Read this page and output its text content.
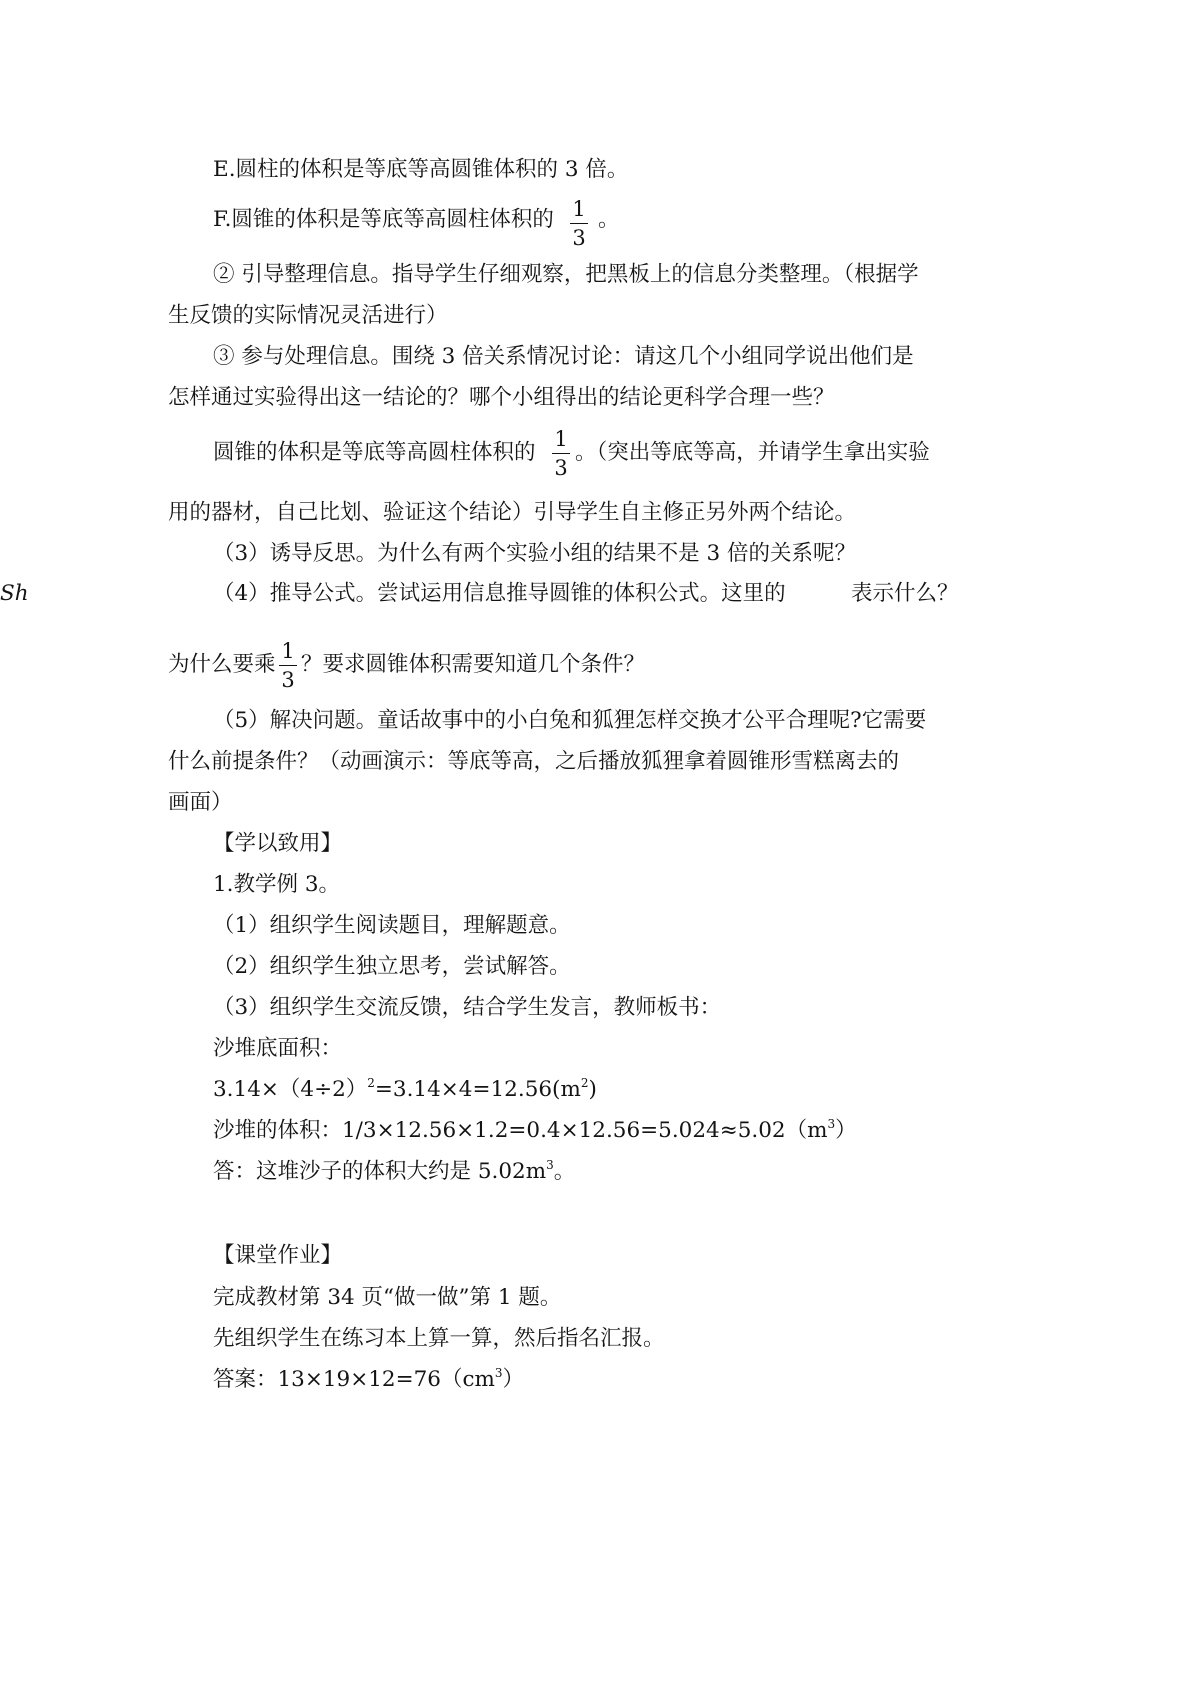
E.圆柱的体积是等底等高圆锥体积的 3 倍。
F.圆锥的体积是等底等高圆柱体积的 1
3
。
② 引导整理信息。指导学生仔细观察，把黑板上的信息分类整理。（根据学
生反馈的实际情况灵活进行）
③ 参与处理信息。围绕 3 倍关系情况讨论：请这几个小组同学说出他们是
怎样通过实验得出这一结论的？哪个小组得出的结论更科学合理一些？
圆锥的体积是等底等高圆柱体积的
1
3
。（突出等底等高，并请学生拿出实验
用的器材，自己比划、验证这个结论）引导学生自主修正另外两个结论。
（3）诱导反思。为什么有两个实验小组的结果不是 3 倍的关系呢？
（4）推导公式。尝试运用信息推导圆锥的体积公式。这里的
Sh	表示什么？
为什么要乘
1
3
？要求圆锥体积需要知道几个条件？
（5）解决问题。童话故事中的小白兔和狐狸怎样交换才公平合理呢?它需要
什么前提条件？（动画演示：等底等高，之后播放狐狸拿着圆锥形雪糕离去的
画面）
【学以致用】
1.教学例 3。
（1）组织学生阅读题目，理解题意。
（2）组织学生独立思考，尝试解答。
（3）组织学生交流反馈，结合学生发言，教师板书：
沙堆底面积：
$3.14\times(4\div 2)^2=3.14\times 4=12.56(m^2)$
沙堆的体积：$1/3\times 12.56\times 1.2=0.4\times 12.56=5.024\approx 5.02(m^3)$
答：这堆沙子的体积大约是 $5.02m^3$。
【课堂作业】
完成教材第 34 页“做一做”第 1 题。
先组织学生在练习本上算一算，然后指名汇报。
答案：$13\times 19\times 12=76(cm^3)$
